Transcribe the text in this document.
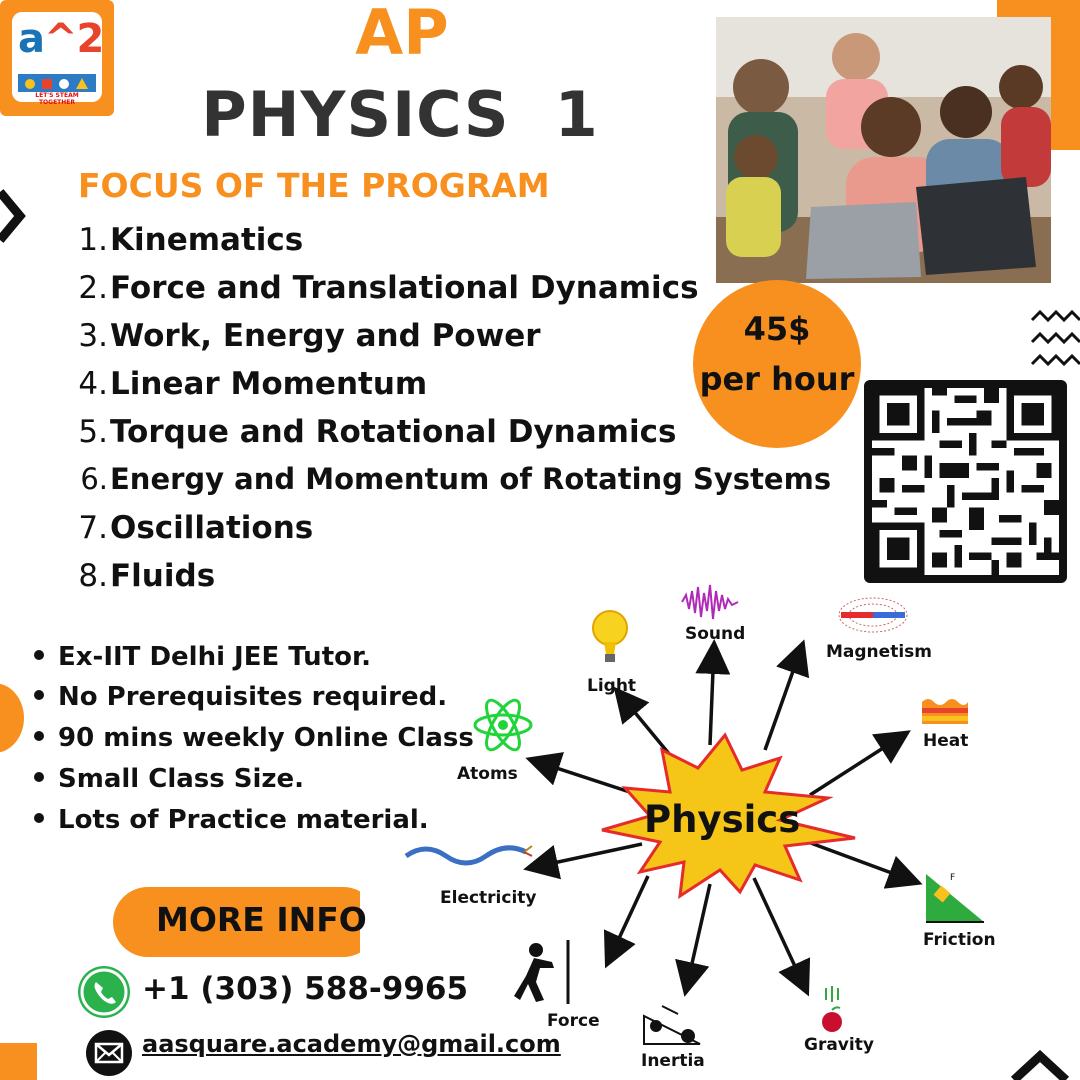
a^2
LET'S STEAM TOGETHER
AP
PHYSICS  1
FOCUS OF THE PROGRAM
1.Kinematics
2.Force and Translational Dynamics
3.Work, Energy and Power
4.Linear Momentum
5.Torque and Rotational Dynamics
6.Energy and Momentum of Rotating Systems
7.Oscillations
8.Fluids
45$
per hour
Ex-IIT Delhi JEE Tutor.
No Prerequisites required.
90 mins weekly Online Class
Small Class Size.
Lots of Practice material.
MORE INFO
+1 (303) 588-9965
aasquare.academy@gmail.com
Physics
Light
Sound
Magnetism
Heat
Atoms
Electricity
F
Friction
Force
Inertia
Gravity
